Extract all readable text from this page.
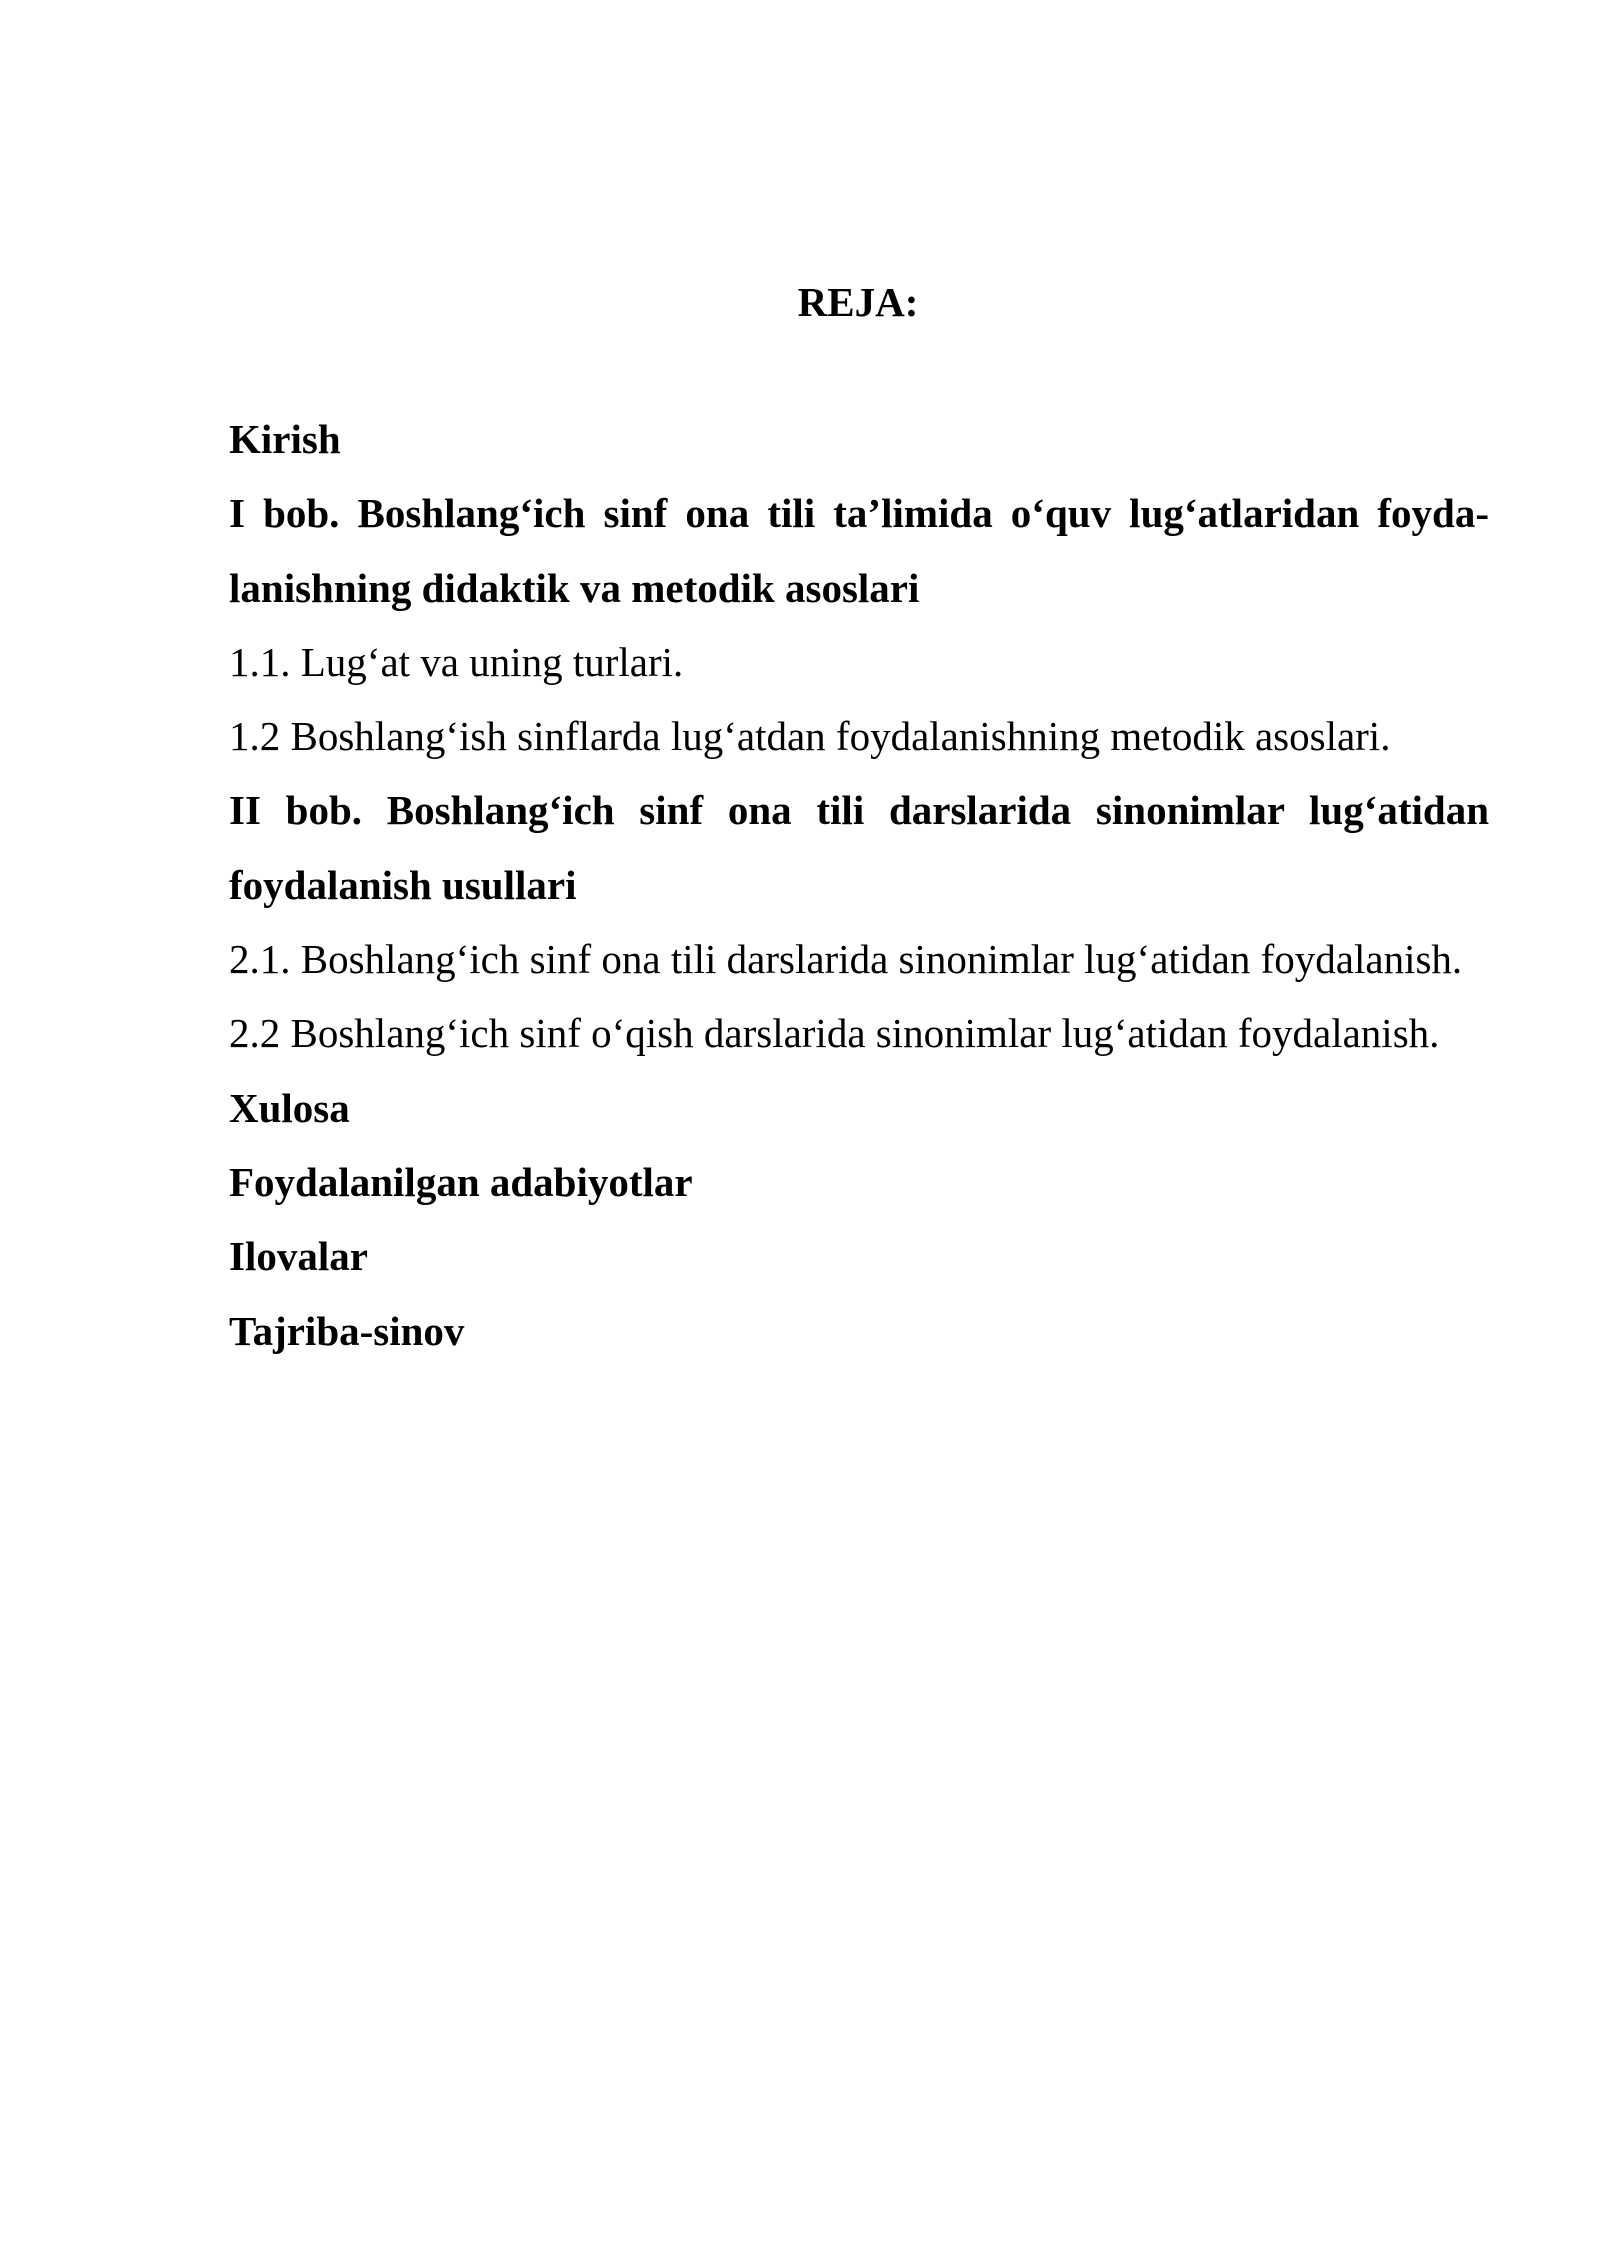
REJA:

Kirish

I bob. Boshlang‘ich sinf ona tili ta’limida o‘quv lug‘atlaridan foyda-lanishning didaktik va metodik asoslari

1.1. Lug‘at va uning turlari.

1.2 Boshlang‘ish sinflarda lug‘atdan foydalanishning metodik asoslari.

II bob. Boshlang‘ich sinf ona tili darslarida sinonimlar lug‘atidan foydalanish usullari

2.1. Boshlang‘ich sinf ona tili darslarida sinonimlar lug‘atidan foydalanish.

2.2 Boshlang‘ich sinf o‘qish darslarida sinonimlar lug‘atidan foydalanish.

Xulosa

Foydalanilgan adabiyotlar

Ilovalar

Tajriba-sinov
